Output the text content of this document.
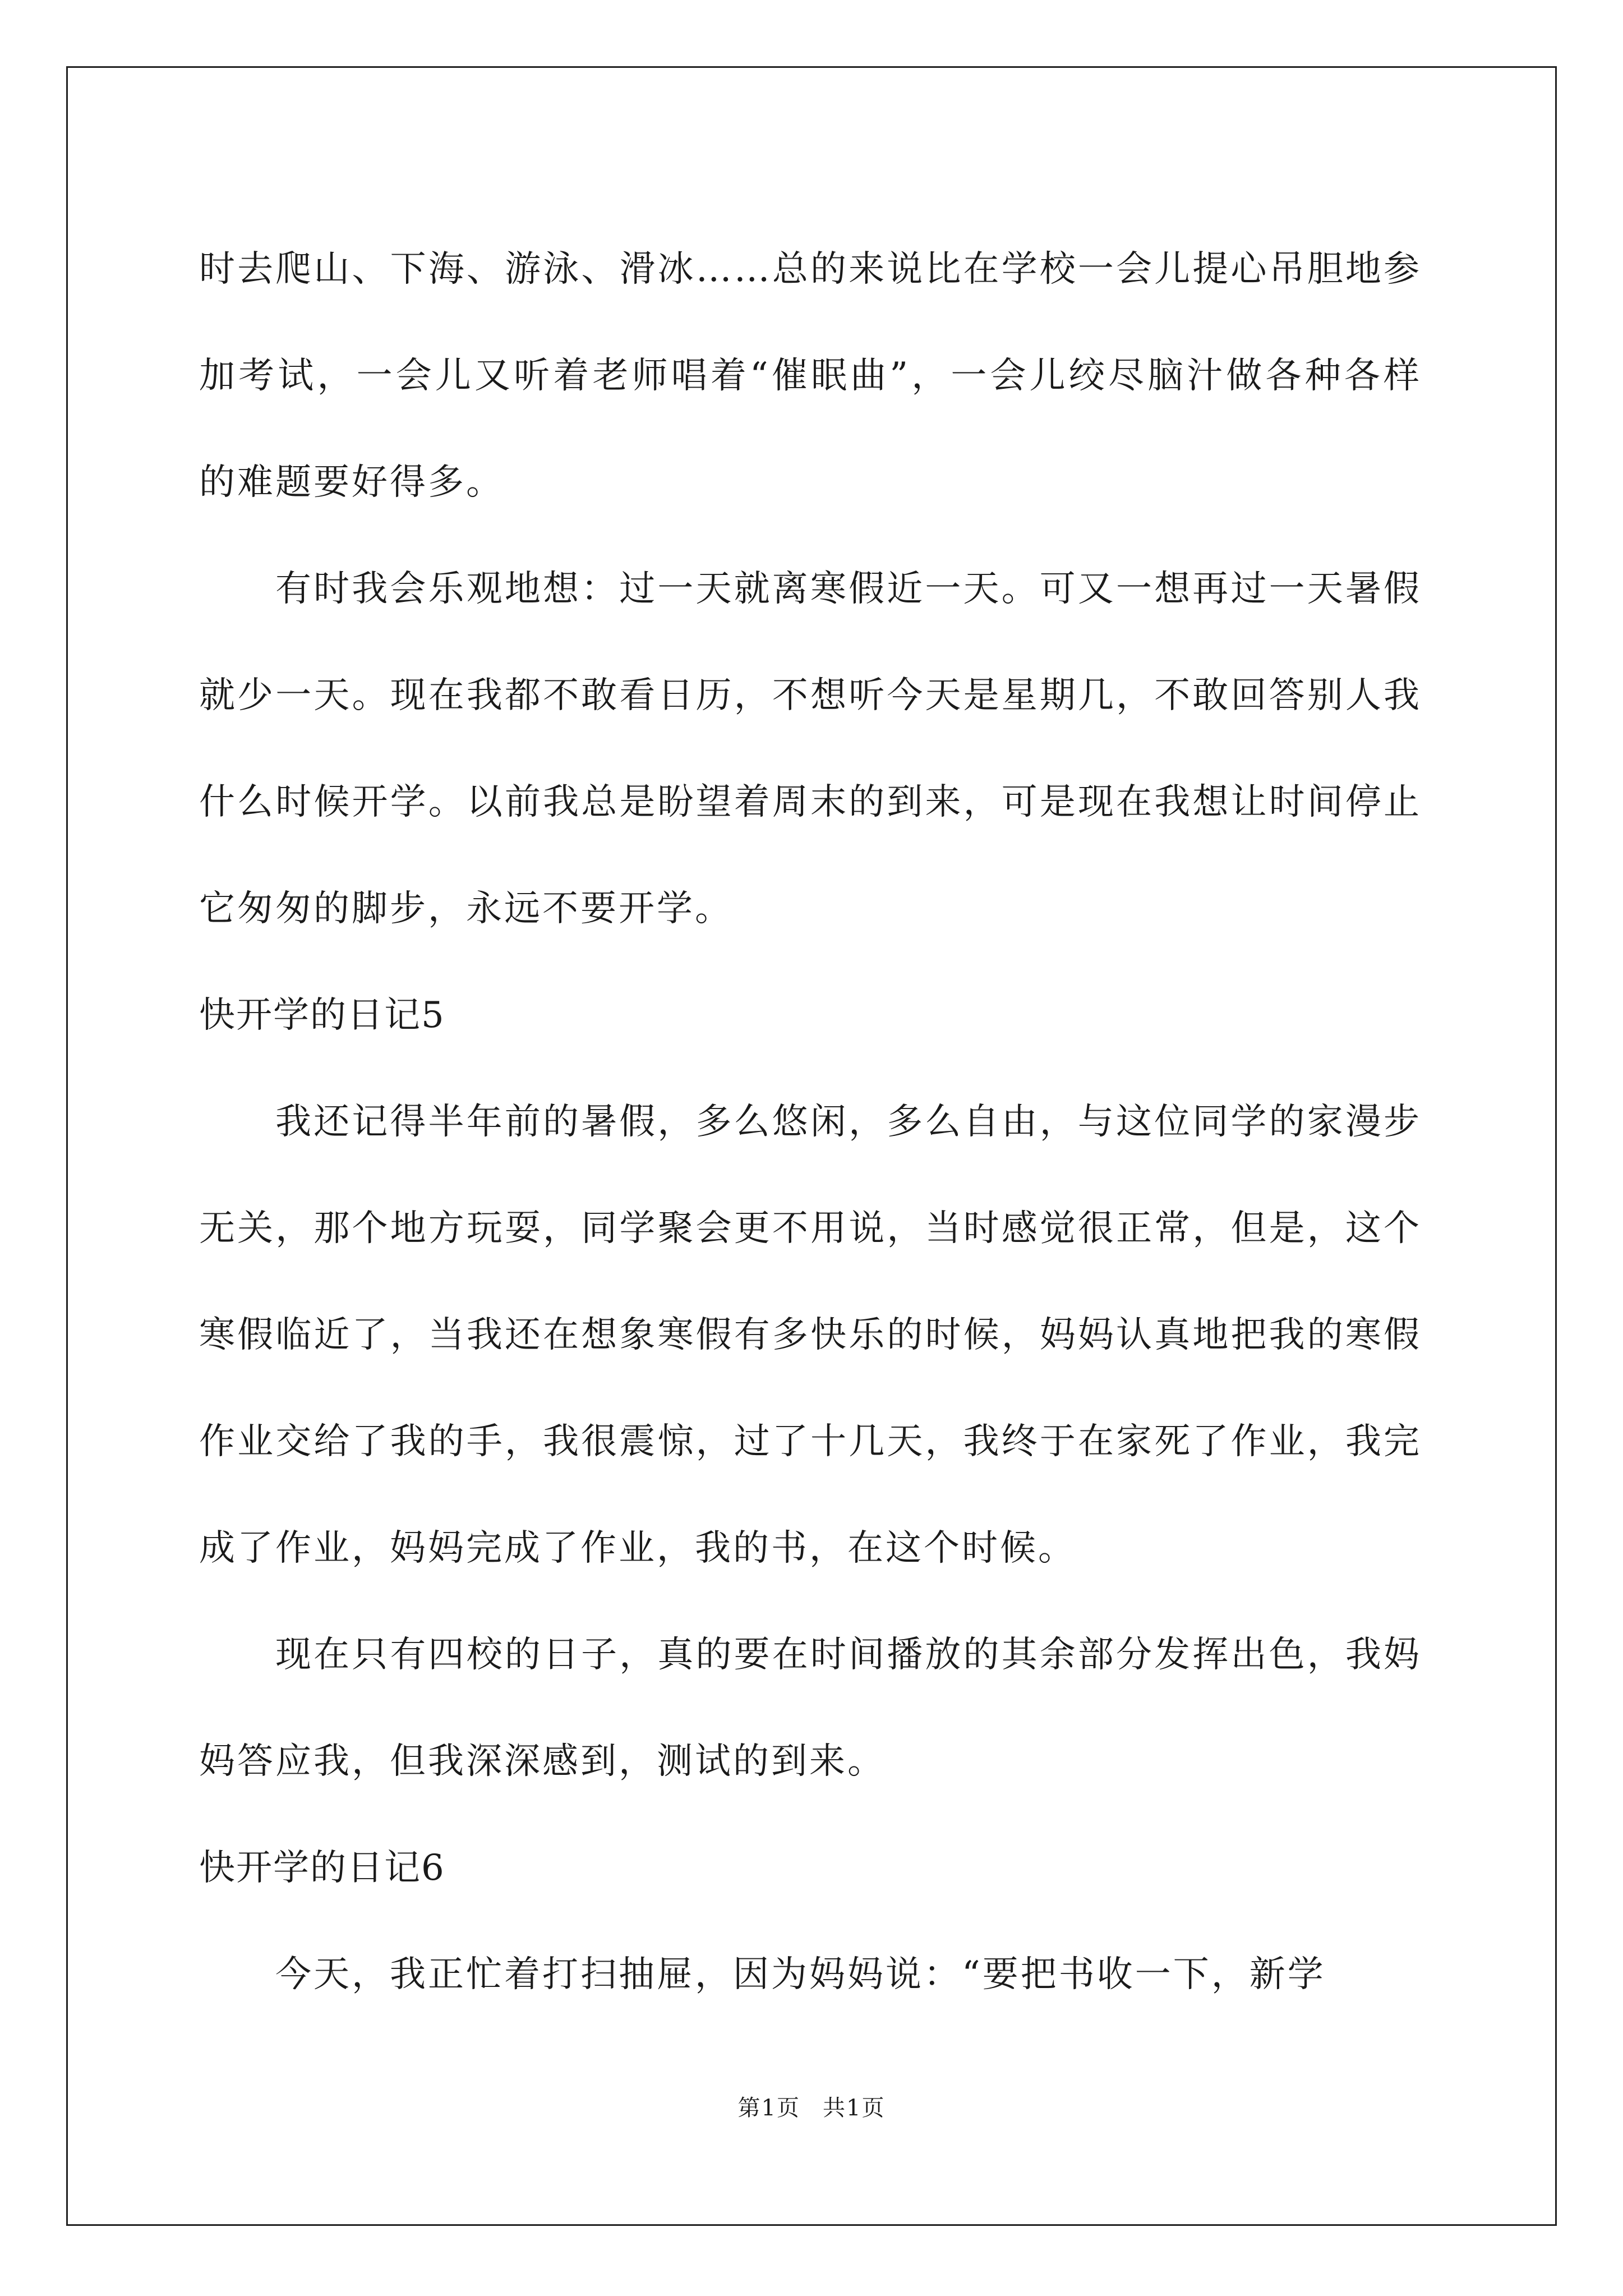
时去爬山、下海、游泳、滑冰……总的来说比在学校一会儿提心吊胆地参加考试，一会儿又听着老师唱着“催眠曲”，一会儿绞尽脑汁做各种各样的难题要好得多。

有时我会乐观地想：过一天就离寒假近一天。可又一想再过一天暑假就少一天。现在我都不敢看日历，不想听今天是星期几，不敢回答别人我什么时候开学。以前我总是盼望着周末的到来，可是现在我想让时间停止它匆匆的脚步，永远不要开学。

快开学的日记5

我还记得半年前的暑假，多么悠闲，多么自由，与这位同学的家漫步无关，那个地方玩耍，同学聚会更不用说，当时感觉很正常，但是，这个寒假临近了，当我还在想象寒假有多快乐的时候，妈妈认真地把我的寒假作业交给了我的手，我很震惊，过了十几天，我终于在家死了作业，我完成了作业，妈妈完成了作业，我的书，在这个时候。

现在只有四校的日子，真的要在时间播放的其余部分发挥出色，我妈妈答应我，但我深深感到，测试的到来。

快开学的日记6

今天，我正忙着打扫抽屉，因为妈妈说：“要把书收一下，新学

第1页 共1页
